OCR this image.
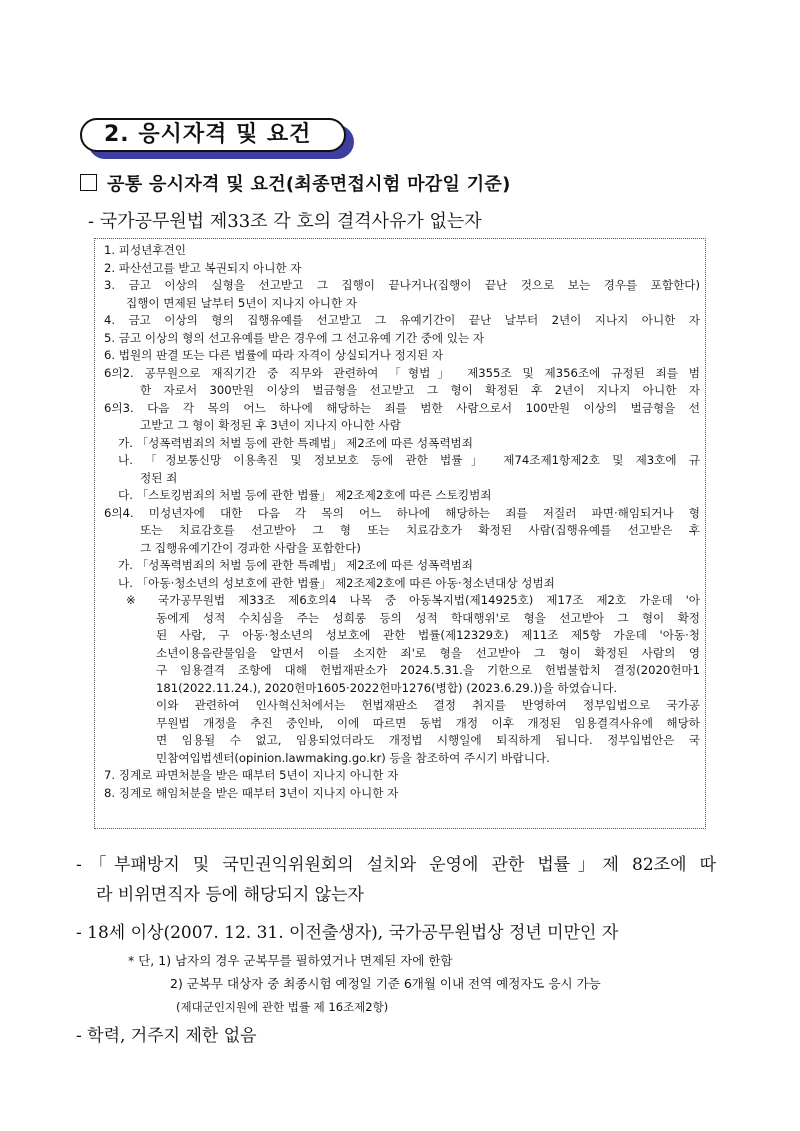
2. 응시자격 및 요건
공통 응시자격 및 요건(최종면접시험 마감일 기준)
- 국가공무원법 제33조 각 호의 결격사유가 없는자
1. 피성년후견인
2. 파산선고를 받고 복권되지 아니한 자
3. 금고 이상의 실형을 선고받고 그 집행이 끝나거나(집행이 끝난 것으로 보는 경우를 포함한다)
집행이 면제된 날부터 5년이 지나지 아니한 자
4. 금고 이상의 형의 집행유예를 선고받고 그 유예기간이 끝난 날부터 2년이 지나지 아니한 자
5. 금고 이상의 형의 선고유예를 받은 경우에 그 선고유예 기간 중에 있는 자
6. 법원의 판결 또는 다른 법률에 따라 자격이 상실되거나 정지된 자
6의2. 공무원으로 재직기간 중 직무와 관련하여 「형법」 제355조 및 제356조에 규정된 죄를 범
한 자로서 300만원 이상의 벌금형을 선고받고 그 형이 확정된 후 2년이 지나지 아니한 자
6의3. 다음 각 목의 어느 하나에 해당하는 죄를 범한 사람으로서 100만원 이상의 벌금형을 선
고받고 그 형이 확정된 후 3년이 지나지 아니한 사람
가. 「성폭력범죄의 처벌 등에 관한 특례법」 제2조에 따른 성폭력범죄
나. 「정보통신망 이용촉진 및 정보보호 등에 관한 법률」 제74조제1항제2호 및 제3호에 규
정된 죄
다. 「스토킹범죄의 처벌 등에 관한 법률」 제2조제2호에 따른 스토킹범죄
6의4. 미성년자에 대한 다음 각 목의 어느 하나에 해당하는 죄를 저질러 파면·해임되거나 형
또는 치료감호를 선고받아 그 형 또는 치료감호가 확정된 사람(집행유예를 선고받은 후
그 집행유예기간이 경과한 사람을 포함한다)
가. 「성폭력범죄의 처벌 등에 관한 특례법」 제2조에 따른 성폭력범죄
나. 「아동·청소년의 성보호에 관한 법률」 제2조제2호에 따른 아동·청소년대상 성범죄
※ 국가공무원법 제33조 제6호의4 나목 중 아동복지법(제14925호) 제17조 제2호 가운데 '아
동에게 성적 수치심을 주는 성희롱 등의 성적 학대행위'로 형을 선고받아 그 형이 확정
된 사람, 구 아동·청소년의 성보호에 관한 법률(제12329호) 제11조 제5항 가운데 '아동·청
소년이용음란물임을 알면서 이를 소지한 죄'로 형을 선고받아 그 형이 확정된 사람의 영
구 임용결격 조항에 대해 헌법재판소가 2024.5.31.을 기한으로 헌법불합치 결정(2020헌마1
181(2022.11.24.), 2020헌마1605·2022헌마1276(병합) (2023.6.29.))을 하였습니다.
이와 관련하여 인사혁신처에서는 헌법재판소 결정 취지를 반영하여 정부입법으로 국가공
무원법 개정을 추진 중인바, 이에 따르면 동법 개정 이후 개정된 임용결격사유에 해당하
면 임용될 수 없고, 임용되었더라도 개정법 시행일에 퇴직하게 됩니다. 정부입법안은 국
민참여입법센터(opinion.lawmaking.go.kr) 등을 참조하여 주시기 바랍니다.
7. 징계로 파면처분을 받은 때부터 5년이 지나지 아니한 자
8. 징계로 해임처분을 받은 때부터 3년이 지나지 아니한 자
-「부패방지 및 국민권익위원회의 설치와 운영에 관한 법률」제 82조에 따
라 비위면직자 등에 해당되지 않는자
- 18세 이상(2007. 12. 31. 이전출생자), 국가공무원법상 정년 미만인 자
* 단, 1) 남자의 경우 군복무를 필하였거나 면제된 자에 한함
2) 군복무 대상자 중 최종시험 예정일 기준 6개월 이내 전역 예정자도 응시 가능
(제대군인지원에 관한 법률 제 16조제2항)
- 학력, 거주지 제한 없음
